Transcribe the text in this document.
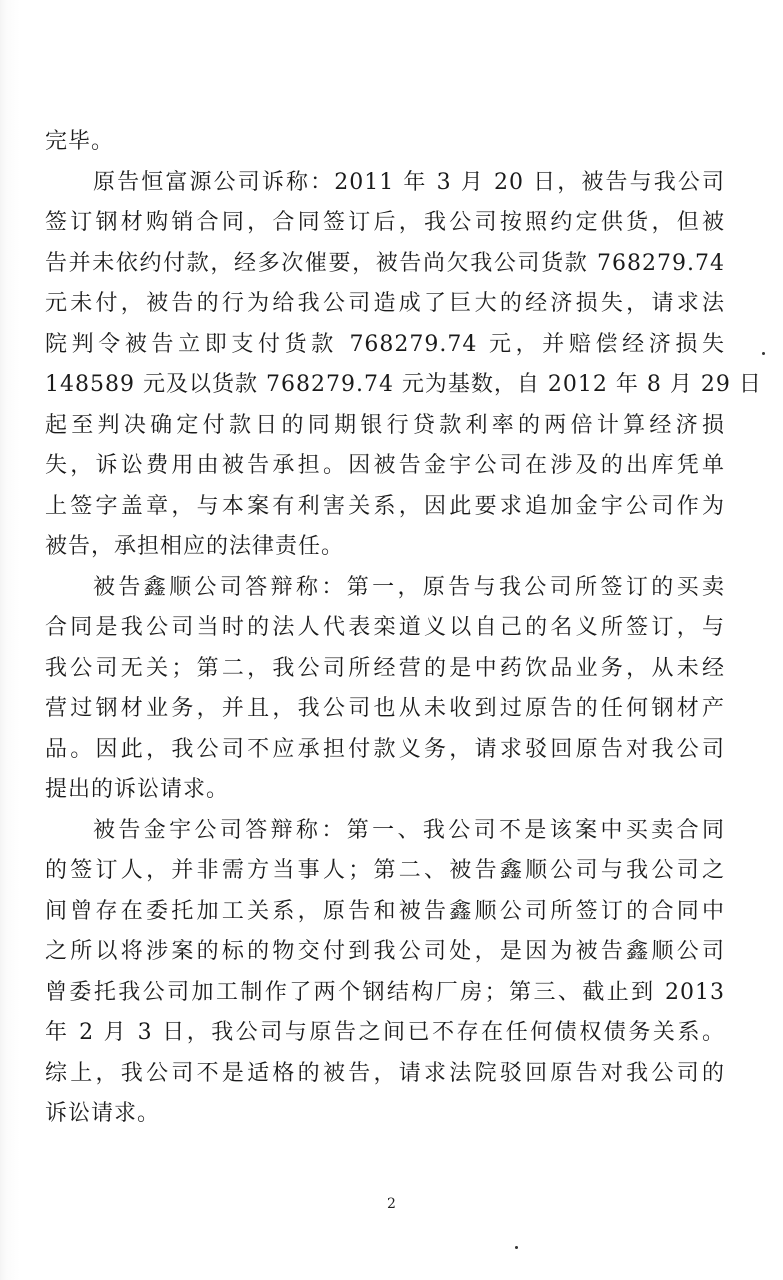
完毕。
原告恒富源公司诉称：2011 年 3 月 20 日，被告与我公司
签订钢材购销合同，合同签订后，我公司按照约定供货，但被
告并未依约付款，经多次催要，被告尚欠我公司货款 768279.74
元未付，被告的行为给我公司造成了巨大的经济损失，请求法
院判令被告立即支付货款 768279.74 元，并赔偿经济损失
148589 元及以货款 768279.74 元为基数，自 2012 年 8 月 29 日
起至判决确定付款日的同期银行贷款利率的两倍计算经济损
失，诉讼费用由被告承担。因被告金宇公司在涉及的出库凭单
上签字盖章，与本案有利害关系，因此要求追加金宇公司作为
被告，承担相应的法律责任。
被告鑫顺公司答辩称：第一，原告与我公司所签订的买卖
合同是我公司当时的法人代表栾道义以自己的名义所签订，与
我公司无关；第二，我公司所经营的是中药饮品业务，从未经
营过钢材业务，并且，我公司也从未收到过原告的任何钢材产
品。因此，我公司不应承担付款义务，请求驳回原告对我公司
提出的诉讼请求。
被告金宇公司答辩称：第一、我公司不是该案中买卖合同
的签订人，并非需方当事人；第二、被告鑫顺公司与我公司之
间曾存在委托加工关系，原告和被告鑫顺公司所签订的合同中
之所以将涉案的标的物交付到我公司处，是因为被告鑫顺公司
曾委托我公司加工制作了两个钢结构厂房；第三、截止到 2013
年 2 月 3 日，我公司与原告之间已不存在任何债权债务关系。
综上，我公司不是适格的被告，请求法院驳回原告对我公司的
诉讼请求。
2
